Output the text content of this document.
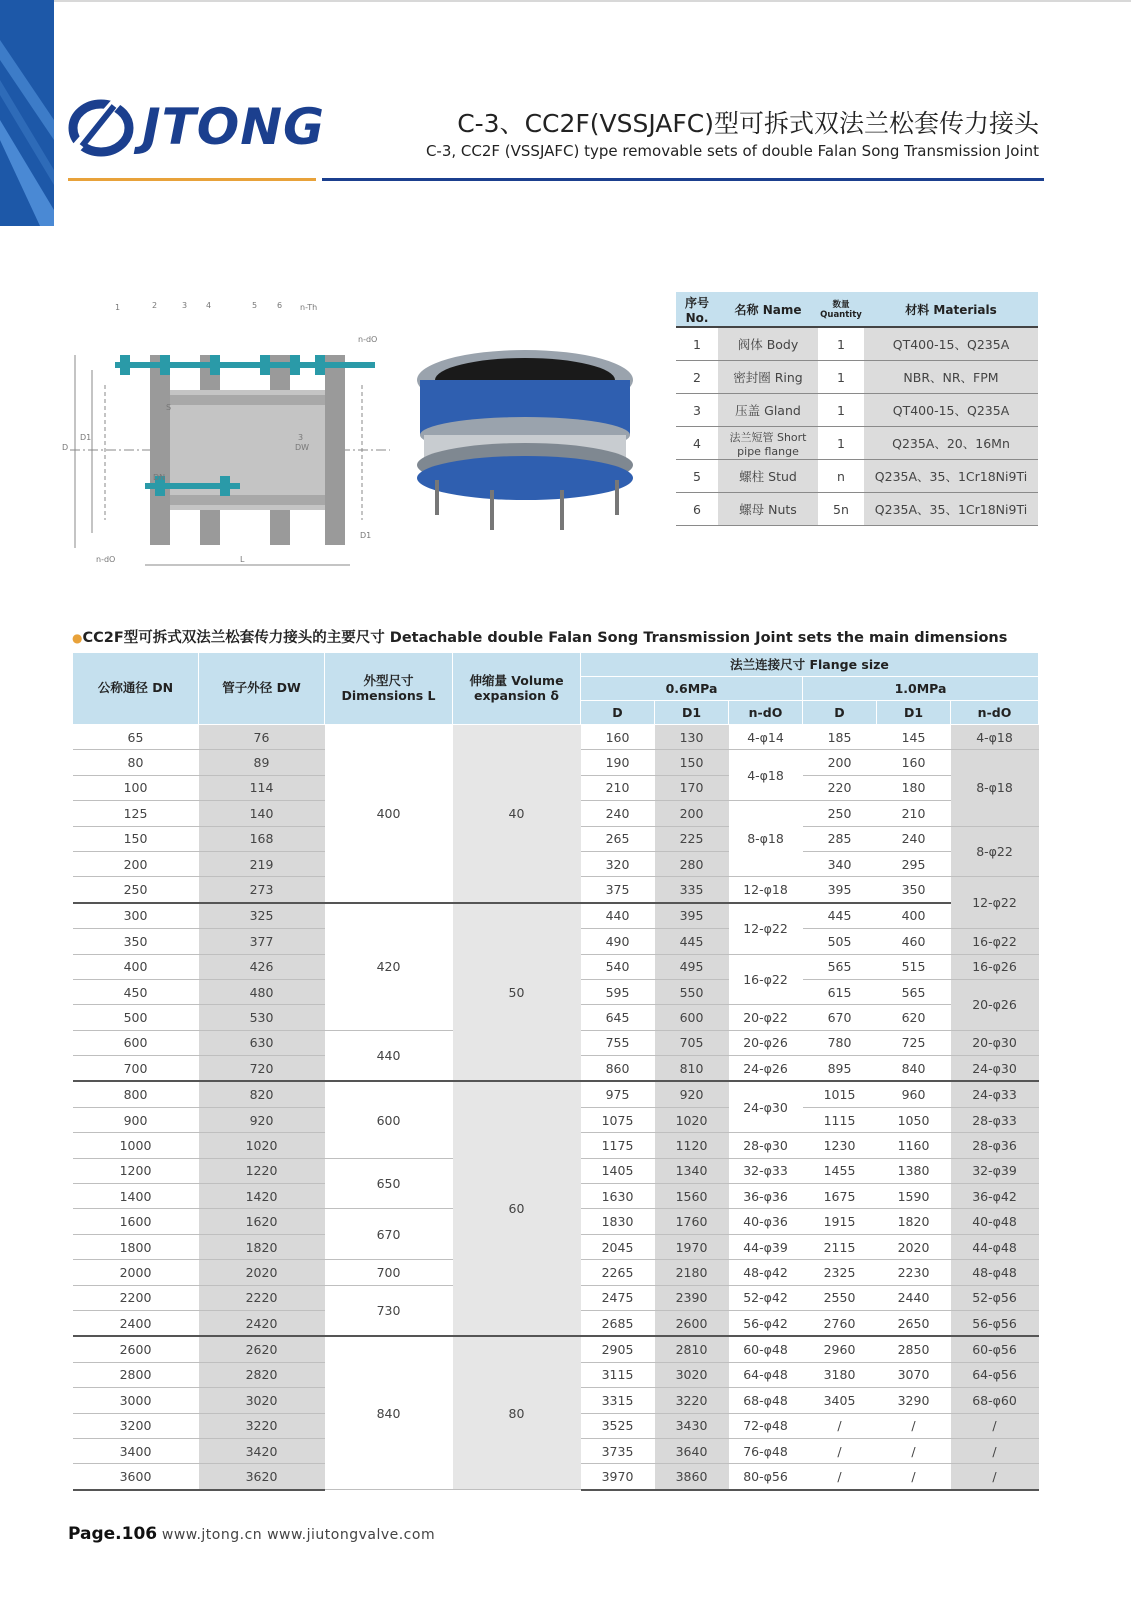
JTONG	C-3、CC2F(VSSJAFC)型可拆式双法兰松套传力接头
C-3, CC2F (VSSJAFC) type removable sets of double Falan Song Transmission Joint
1	2	3 4	5 6 n-Th
n-dO
D
D1
L
n-dO
DN
DW
D1
S
3
序号No.	名称 Name	数量 Quantity	材料 Materials
1	阀体 Body	1	QT400-15、Q235A
2	密封圈 Ring	1	NBR、NR、FPM
3	压盖 Gland	1	QT400-15、Q235A
4	法兰短管 Short pipe flange	1	Q235A、20、16Mn
5	螺柱 Stud	n	Q235A、35、1Cr18Ni9Ti
6	螺母 Nuts	5n	Q235A、35、1Cr18Ni9Ti
●CC2F型可拆式双法兰松套传力接头的主要尺寸 Detachable double Falan Song Transmission Joint sets the main dimensions
公称通径 DN	管子外径 DW	外型尺寸 Dimensions L	伸缩量 Volume expansion δ	法兰连接尺寸 Flange size					
				0.6MPa			1.0MPa		
				D	D1	n-dO	D	D1	n-dO
65	76	400	40	160	130	4-φ14	185	145	4-φ18
80	89			190	150	4-φ18	200	160	8-φ18
100	114			210	170		220	180	
125	140			240	200	8-φ18	250	210	
150	168			265	225		285	240	8-φ22
200	219			320	280		340	295	
250	273			375	335	12-φ18	395	350	12-φ22
300	325	420	50	440	395	12-φ22	445	400	
350	377			490	445		505	460	16-φ22
400	426			540	495	16-φ22	565	515	16-φ26
450	480			595	550		615	565	20-φ26
500	530			645	600	20-φ22	670	620	
600	630	440		755	705	20-φ26	780	725	20-φ30
700	720			860	810	24-φ26	895	840	24-φ30
800	820	600	60	975	920	24-φ30	1015	960	24-φ33
900	920			1075	1020		1115	1050	28-φ33
1000	1020			1175	1120	28-φ30	1230	1160	28-φ36
1200	1220	650		1405	1340	32-φ33	1455	1380	32-φ39
1400	1420			1630	1560	36-φ36	1675	1590	36-φ42
1600	1620	670		1830	1760	40-φ36	1915	1820	40-φ48
1800	1820			2045	1970	44-φ39	2115	2020	44-φ48
2000	2020	700		2265	2180	48-φ42	2325	2230	48-φ48
2200	2220	730		2475	2390	52-φ42	2550	2440	52-φ56
2400	2420			2685	2600	56-φ42	2760	2650	56-φ56
2600	2620	840	80	2905	2810	60-φ48	2960	2850	60-φ56
2800	2820			3115	3020	64-φ48	3180	3070	64-φ56
3000	3020			3315	3220	68-φ48	3405	3290	68-φ60
3200	3220			3525	3430	72-φ48	/	/	/
3400	3420			3735	3640	76-φ48	/	/	/
3600	3620			3970	3860	80-φ56	/	/	/
Page.106 www.jtong.cn www.jiutongvalve.com
